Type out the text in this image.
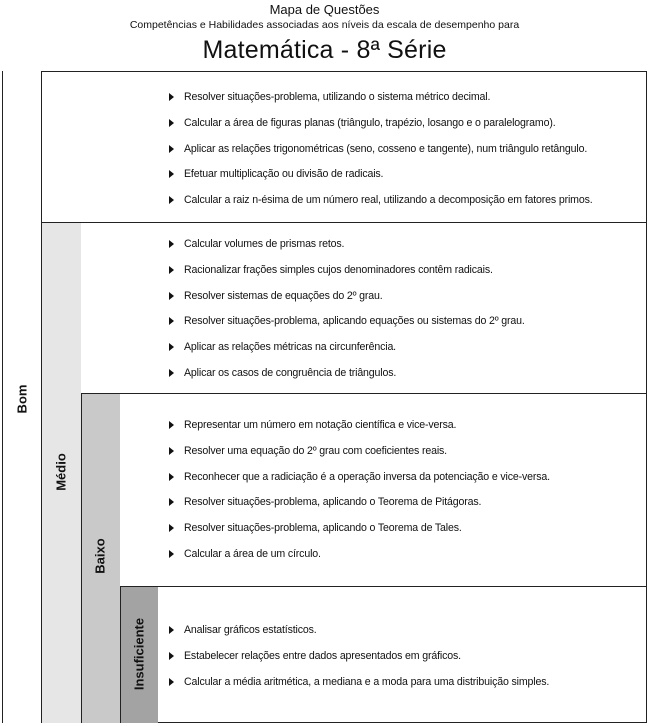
Mapa de Questões
Competências e Habilidades associadas aos níveis da escala de desempenho para
Matemática - 8ª Série
Bom
Médio
Baixo
Insuficiente
Resolver situações-problema, utilizando o sistema métrico decimal.
Calcular a área de figuras planas (triângulo, trapézio, losango e o paralelogramo).
Aplicar as relações trigonométricas (seno, cosseno e tangente), num triângulo retângulo.
Efetuar multiplicação ou divisão de radicais.
Calcular a raiz n-ésima de um número real, utilizando a decomposição em fatores primos.
Calcular volumes de prismas retos.
Racionalizar frações simples cujos denominadores contêm radicais.
Resolver sistemas de equações do 2º grau.
Resolver situações-problema, aplicando equações ou sistemas do 2º grau.
Aplicar as relações métricas na circunferência.
Aplicar os casos de congruência de triângulos.
Representar um número em notação científica e vice-versa.
Resolver uma equação do 2º grau com coeficientes reais.
Reconhecer que a radiciação é a operação inversa da potenciação e vice-versa.
Resolver situações-problema, aplicando o Teorema de Pitágoras.
Resolver situações-problema, aplicando o Teorema de Tales.
Calcular a área de um círculo.
Analisar gráficos estatísticos.
Estabelecer relações entre dados apresentados em gráficos.
Calcular a média aritmética, a mediana e a moda para uma distribuição simples.
